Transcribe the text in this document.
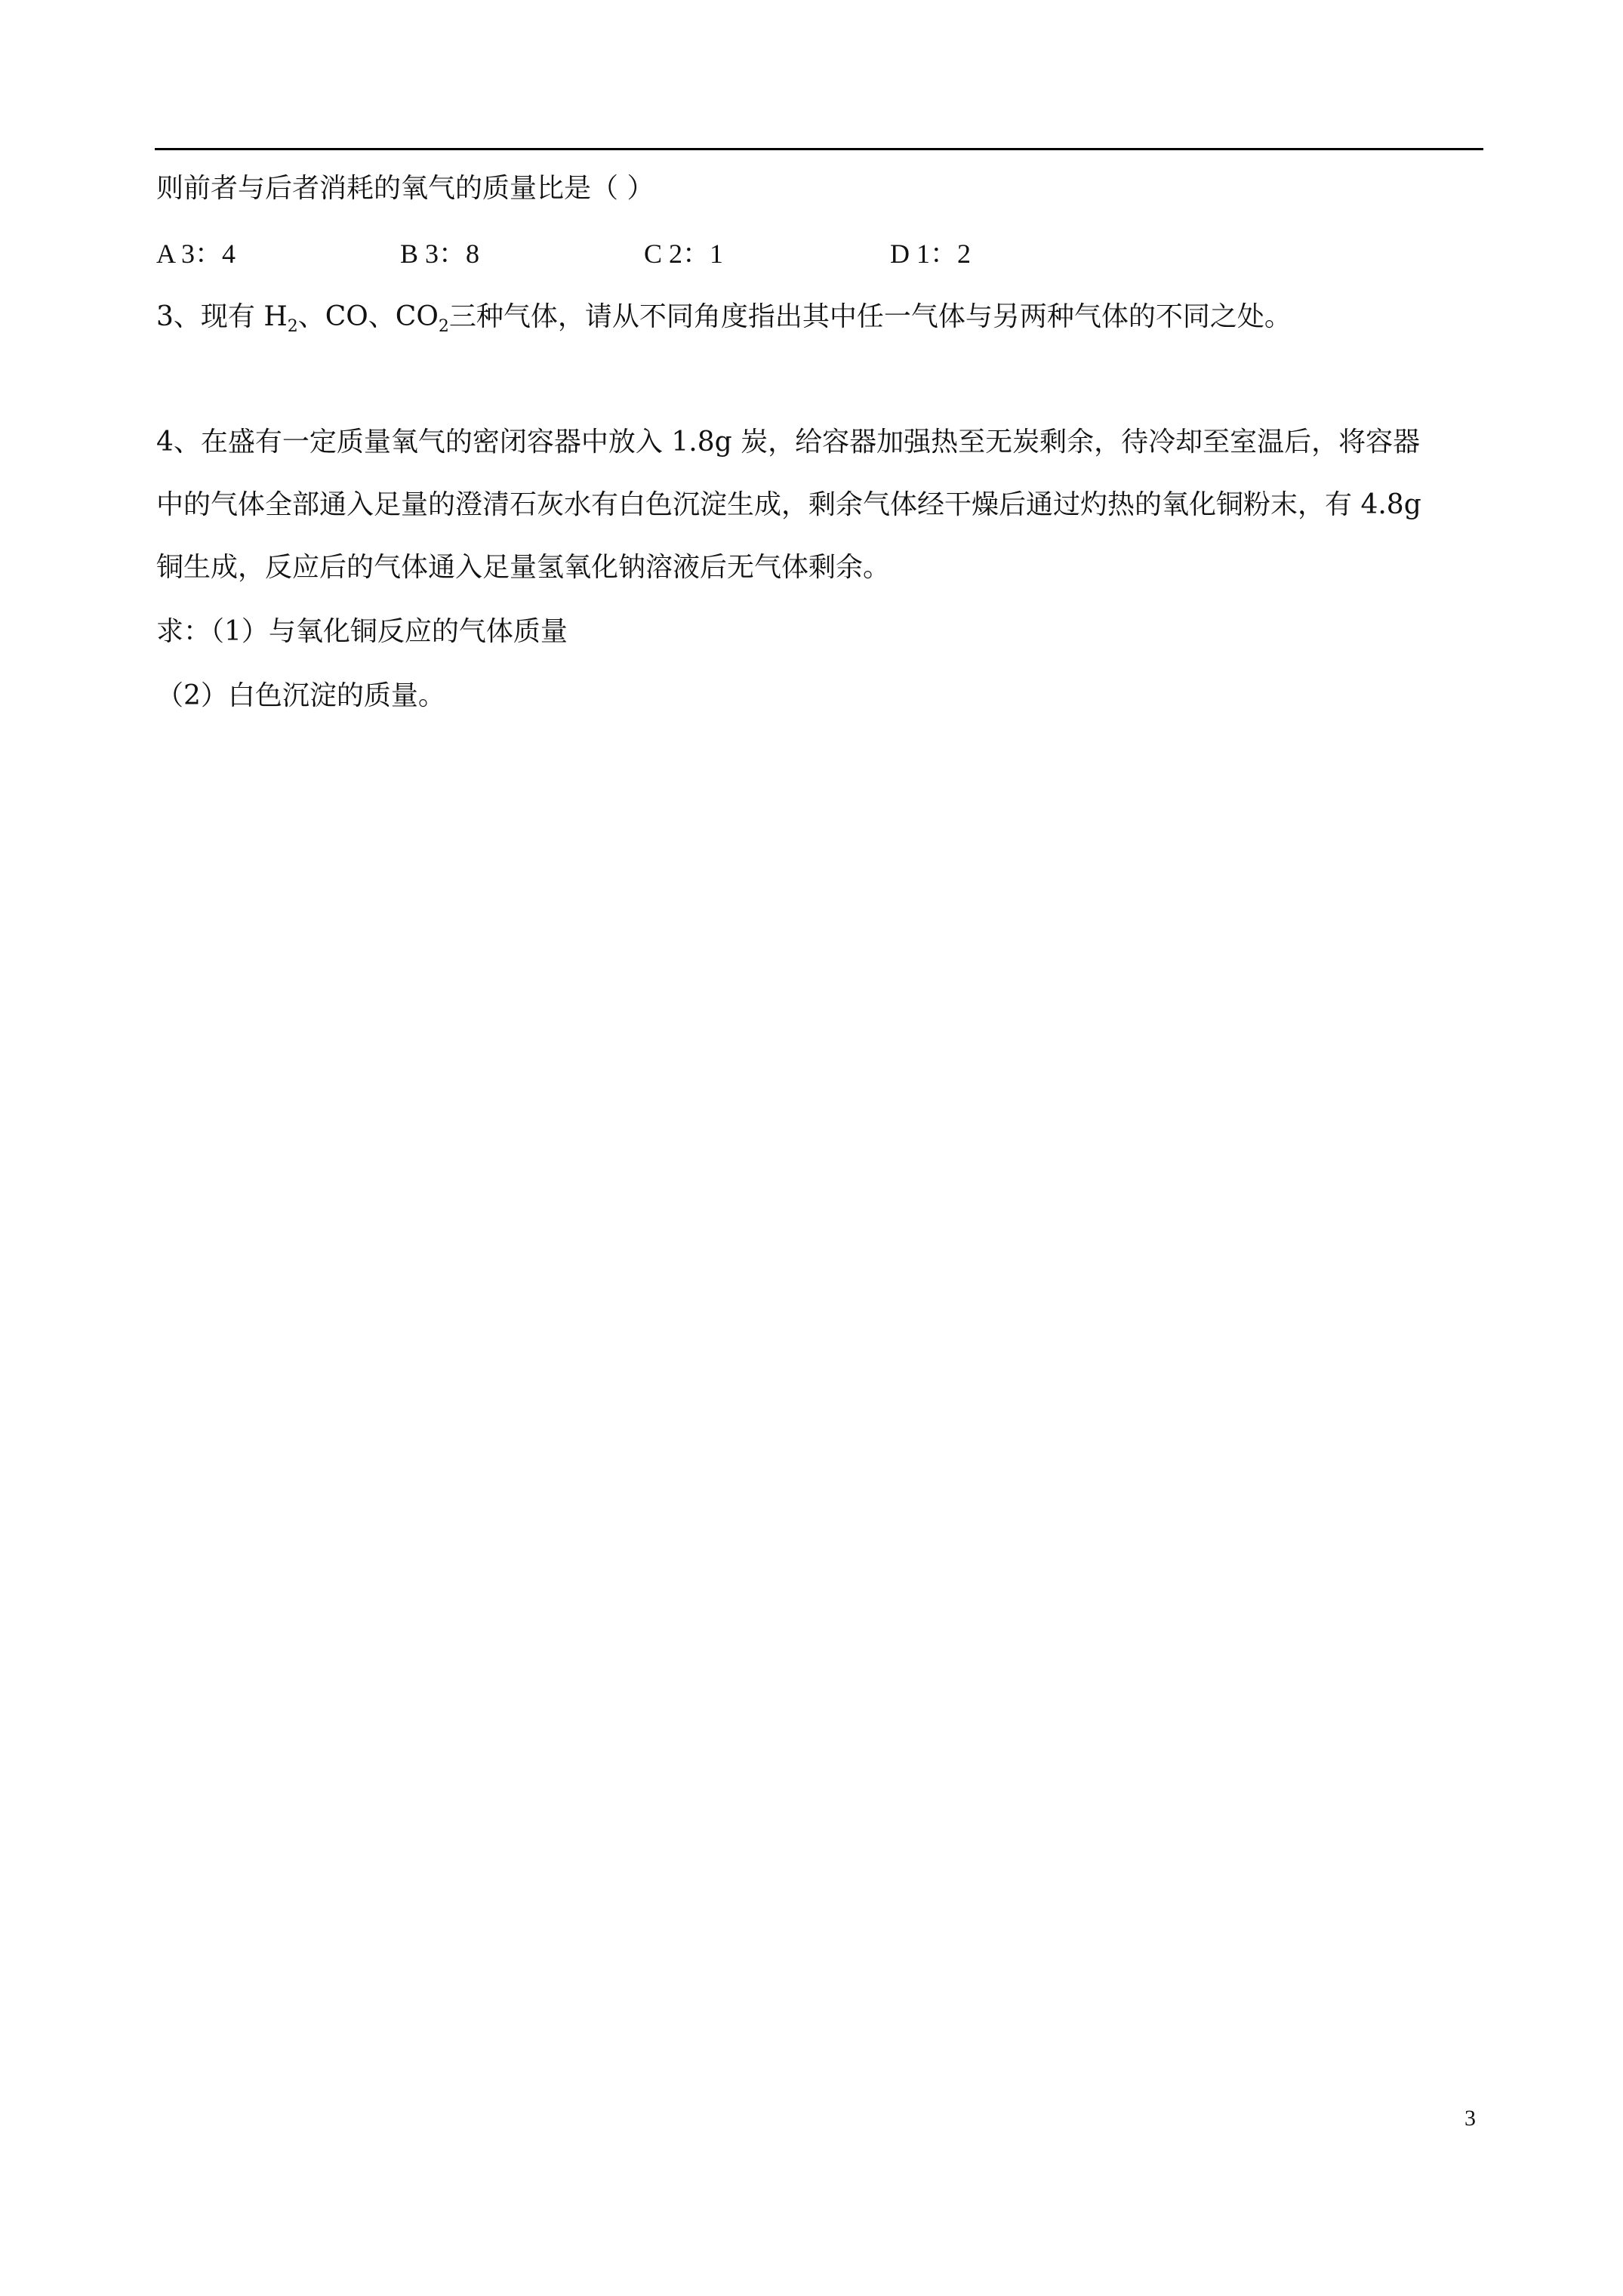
则前者与后者消耗的氧气的质量比是（ ）
A 3：4	B 3：8	C 2：1	D 1：2
3、现有 $H_2$、CO、$CO_2$三种气体，请从不同角度指出其中任一气体与另两种气体的不同之处。
4、在盛有一定质量氧气的密闭容器中放入 1.8g 炭，给容器加强热至无炭剩余，待冷却至室温后，将容器
中的气体全部通入足量的澄清石灰水有白色沉淀生成，剩余气体经干燥后通过灼热的氧化铜粉末，有 4.8g
铜生成，反应后的气体通入足量氢氧化钠溶液后无气体剩余。
求：（1）与氧化铜反应的气体质量
（2）白色沉淀的质量。
3
